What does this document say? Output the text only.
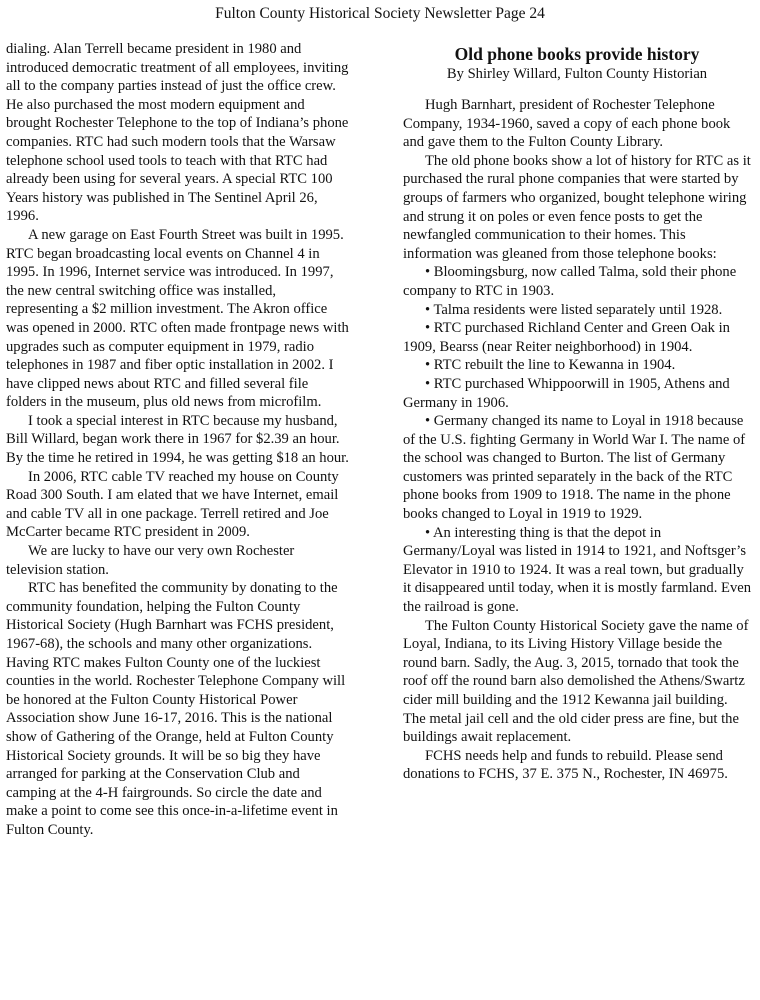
Fulton County Historical Society Newsletter Page 24

dialing. Alan Terrell became president in 1980 and introduced democratic treatment of all employees, inviting all to the company parties instead of just the office crew. He also purchased the most modern equipment and brought Rochester Telephone to the top of Indiana’s phone companies. RTC had such modern tools that the Warsaw telephone school used tools to teach with that RTC had already been using for several years. A special RTC 100 Years history was published in The Sentinel April 26, 1996.

A new garage on East Fourth Street was built in 1995. RTC began broadcasting local events on Channel 4 in 1995. In 1996, Internet service was introduced. In 1997, the new central switching office was installed, representing a $2 million investment. The Akron office was opened in 2000. RTC often made frontpage news with upgrades such as computer equipment in 1979, radio telephones in 1987 and fiber optic installation in 2002. I have clipped news about RTC and filled several file folders in the museum, plus old news from microfilm.

I took a special interest in RTC because my husband, Bill Willard, began work there in 1967 for $2.39 an hour. By the time he retired in 1994, he was getting $18 an hour.

In 2006, RTC cable TV reached my house on County Road 300 South. I am elated that we have Internet, email and cable TV all in one package. Terrell retired and Joe McCarter became RTC president in 2009.

We are lucky to have our very own Rochester television station.

RTC has benefited the community by donating to the community foundation, helping the Fulton County Historical Society (Hugh Barnhart was FCHS president, 1967-68), the schools and many other organizations. Having RTC makes Fulton County one of the luckiest counties in the world. Rochester Telephone Company will be honored at the Fulton County Historical Power Association show June 16-17, 2016. This is the national show of Gathering of the Orange, held at Fulton County Historical Society grounds. It will be so big they have arranged for parking at the Conservation Club and camping at the 4-H fairgrounds. So circle the date and make a point to come see this once-in-a-lifetime event in Fulton County.

Old phone books provide history
By Shirley Willard, Fulton County Historian

Hugh Barnhart, president of Rochester Telephone Company, 1934-1960, saved a copy of each phone book and gave them to the Fulton County Library.

The old phone books show a lot of history for RTC as it purchased the rural phone companies that were started by groups of farmers who organized, bought telephone wiring and strung it on poles or even fence posts to get the newfangled communication to their homes. This information was gleaned from those telephone books:

• Bloomingsburg, now called Talma, sold their phone company to RTC in 1903.

• Talma residents were listed separately until 1928.

• RTC purchased Richland Center and Green Oak in 1909, Bearss (near Reiter neighborhood) in 1904.

• RTC rebuilt the line to Kewanna in 1904.

• RTC purchased Whippoorwill in 1905, Athens and Germany in 1906.

• Germany changed its name to Loyal in 1918 because of the U.S. fighting Germany in World War I. The name of the school was changed to Burton. The list of Germany customers was printed separately in the back of the RTC phone books from 1909 to 1918. The name in the phone books changed to Loyal in 1919 to 1929.

• An interesting thing is that the depot in Germany/Loyal was listed in 1914 to 1921, and Noftsger’s Elevator in 1910 to 1924. It was a real town, but gradually it disappeared until today, when it is mostly farmland. Even the railroad is gone.

The Fulton County Historical Society gave the name of Loyal, Indiana, to its Living History Village beside the round barn. Sadly, the Aug. 3, 2015, tornado that took the roof off the round barn also demolished the Athens/Swartz cider mill building and the 1912 Kewanna jail building. The metal jail cell and the old cider press are fine, but the buildings await replacement.

FCHS needs help and funds to rebuild. Please send donations to FCHS, 37 E. 375 N., Rochester, IN 46975.
